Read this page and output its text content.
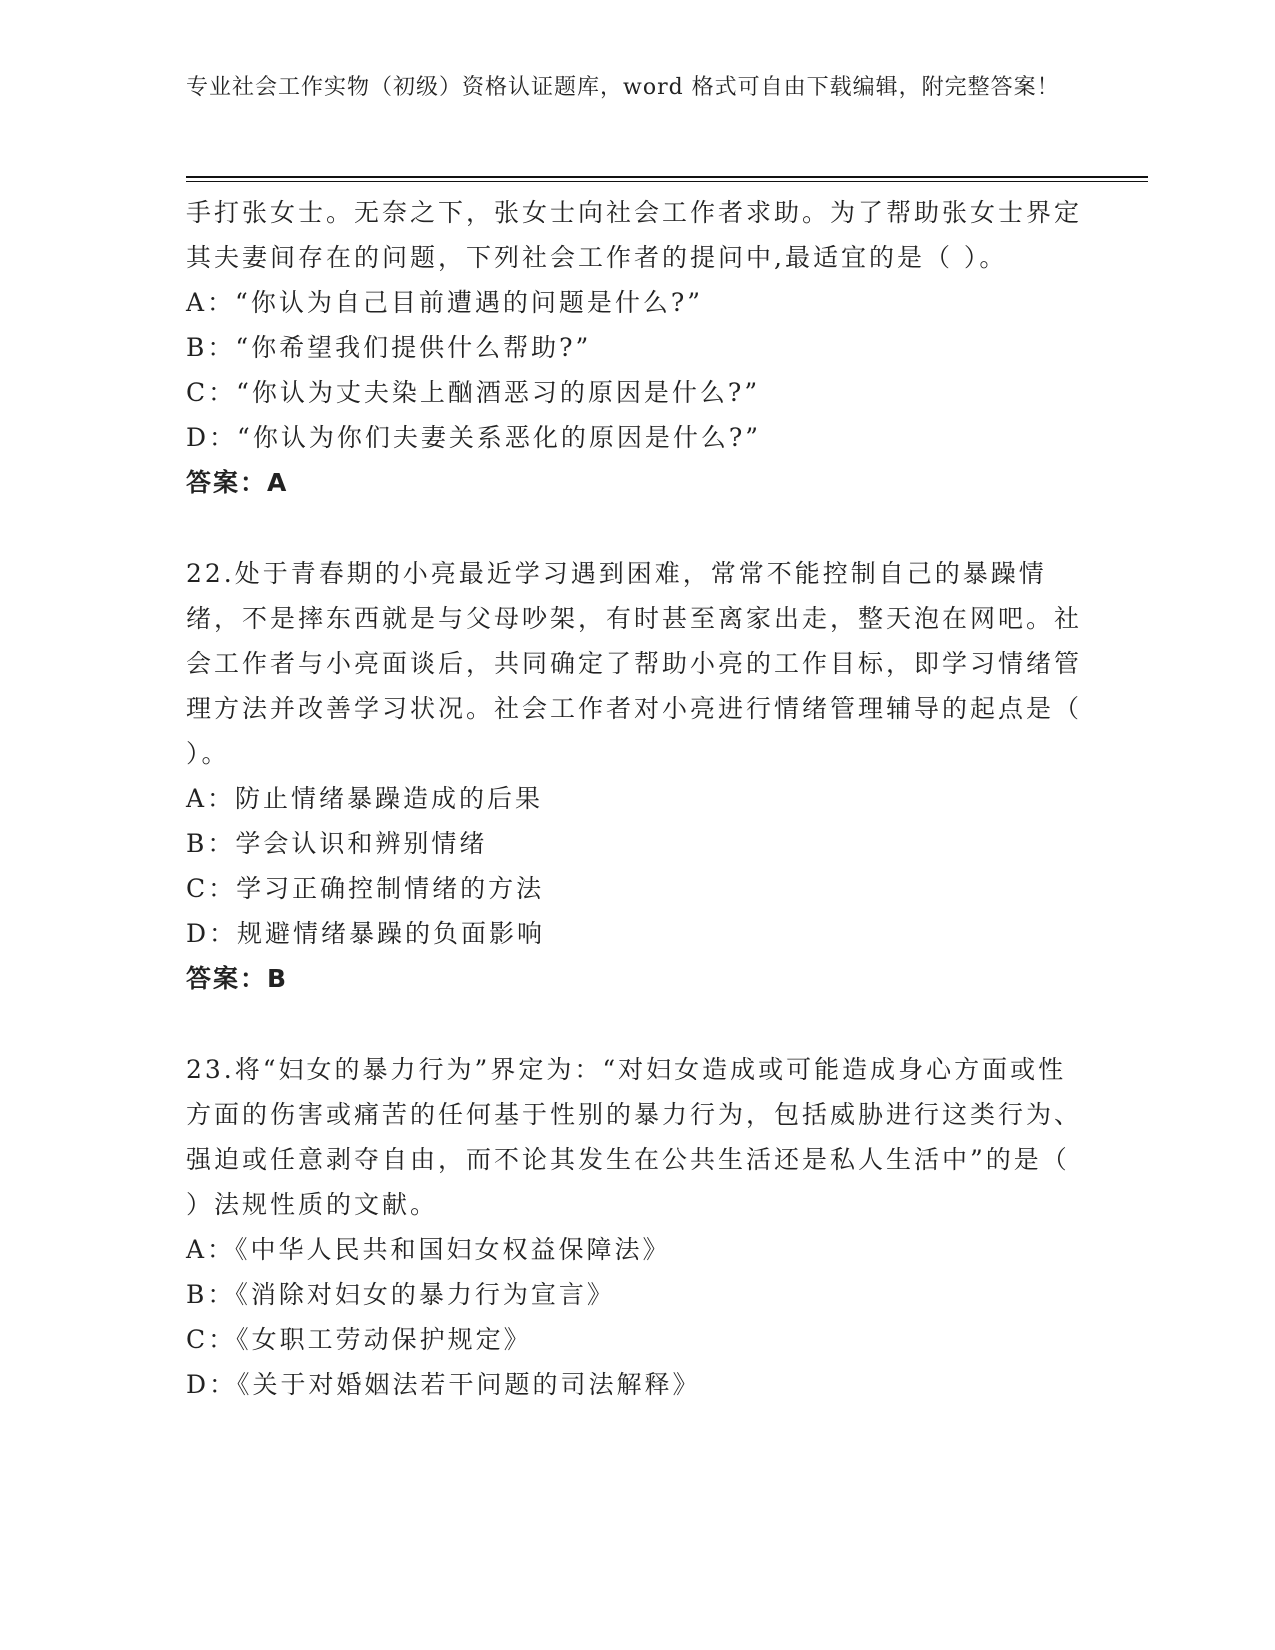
专业社会工作实物（初级）资格认证题库，word 格式可自由下载编辑，附完整答案！

手打张女士。无奈之下，张女士向社会工作者求助。为了帮助张女士界定其夫妻间存在的问题，下列社会工作者的提问中,最适宜的是（ ）。

A：“你认为自己目前遭遇的问题是什么?”

B：“你希望我们提供什么帮助?”

C：“你认为丈夫染上酗酒恶习的原因是什么?”

D：“你认为你们夫妻关系恶化的原因是什么?”

答案：A

22.处于青春期的小亮最近学习遇到困难，常常不能控制自己的暴躁情绪，不是摔东西就是与父母吵架，有时甚至离家出走，整天泡在网吧。社会工作者与小亮面谈后，共同确定了帮助小亮的工作目标，即学习情绪管理方法并改善学习状况。社会工作者对小亮进行情绪管理辅导的起点是（ ）。

A：防止情绪暴躁造成的后果

B：学会认识和辨别情绪

C：学习正确控制情绪的方法

D：规避情绪暴躁的负面影响

答案：B

23.将“妇女的暴力行为”界定为：“对妇女造成或可能造成身心方面或性方面的伤害或痛苦的任何基于性别的暴力行为，包括威胁进行这类行为、强迫或任意剥夺自由，而不论其发生在公共生活还是私人生活中”的是（ ）法规性质的文献。

A：《中华人民共和国妇女权益保障法》

B：《消除对妇女的暴力行为宣言》

C：《女职工劳动保护规定》

D：《关于对婚姻法若干问题的司法解释》
